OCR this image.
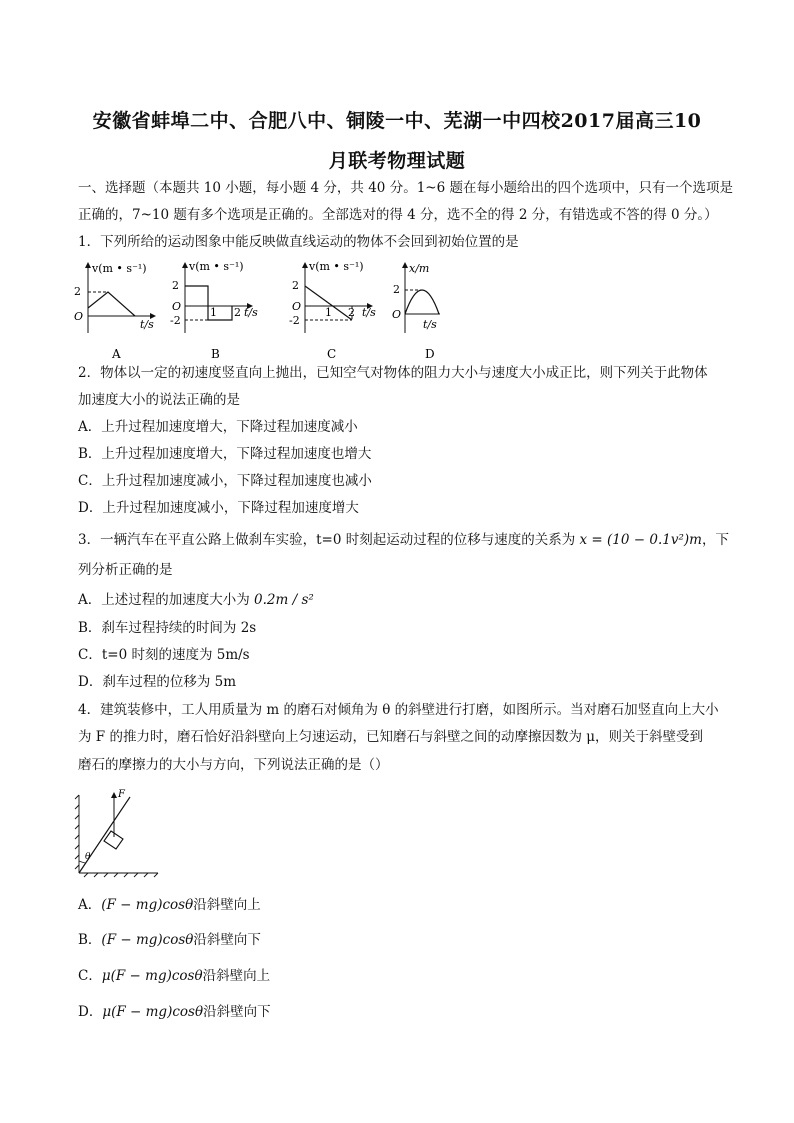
安徽省蚌埠二中、合肥八中、铜陵一中、芜湖一中四校2017届高三10
月联考物理试题
一、选择题（本题共 10 小题，每小题 4 分，共 40 分。1~6 题在每小题给出的四个选项中，只有一个选项是
正确的，7~10 题有多个选项是正确的。全部选对的得 4 分，选不全的得 2 分，有错选或不答的得 0 分。）
1．下列所给的运动图象中能反映做直线运动的物体不会回到初始位置的是
v(m • s⁻¹)
2
O
t/s
A
v(m • s⁻¹)
2
O
-2
1 2 t/s
B
v(m • s⁻¹)
2
O
-2
1 2 t/s
C
x/m
2
O
t/s
D
2．物体以一定的初速度竖直向上抛出，已知空气对物体的阻力大小与速度大小成正比，则下列关于此物体
加速度大小的说法正确的是
A．上升过程加速度增大，下降过程加速度减小
B．上升过程加速度增大，下降过程加速度也增大
C．上升过程加速度减小，下降过程加速度也减小
D．上升过程加速度减小，下降过程加速度增大
3．一辆汽车在平直公路上做刹车实验，t=0 时刻起运动过程的位移与速度的关系为 x = (10 − 0.1v²)m，下
列分析正确的是
A．上述过程的加速度大小为 0.2m / s²
B．刹车过程持续的时间为 2s
C．t=0 时刻的速度为 5m/s
D．刹车过程的位移为 5m
4．建筑装修中，工人用质量为 m 的磨石对倾角为 θ 的斜壁进行打磨，如图所示。当对磨石加竖直向上大小
为 F 的推力时，磨石恰好沿斜壁向上匀速运动，已知磨石与斜壁之间的动摩擦因数为 μ，则关于斜壁受到
磨石的摩擦力的大小与方向，下列说法正确的是（）
F
θ
A．(F − mg)cosθ沿斜壁向上
B．(F − mg)cosθ沿斜壁向下
C．μ(F − mg)cosθ沿斜壁向上
D．μ(F − mg)cosθ沿斜壁向下
